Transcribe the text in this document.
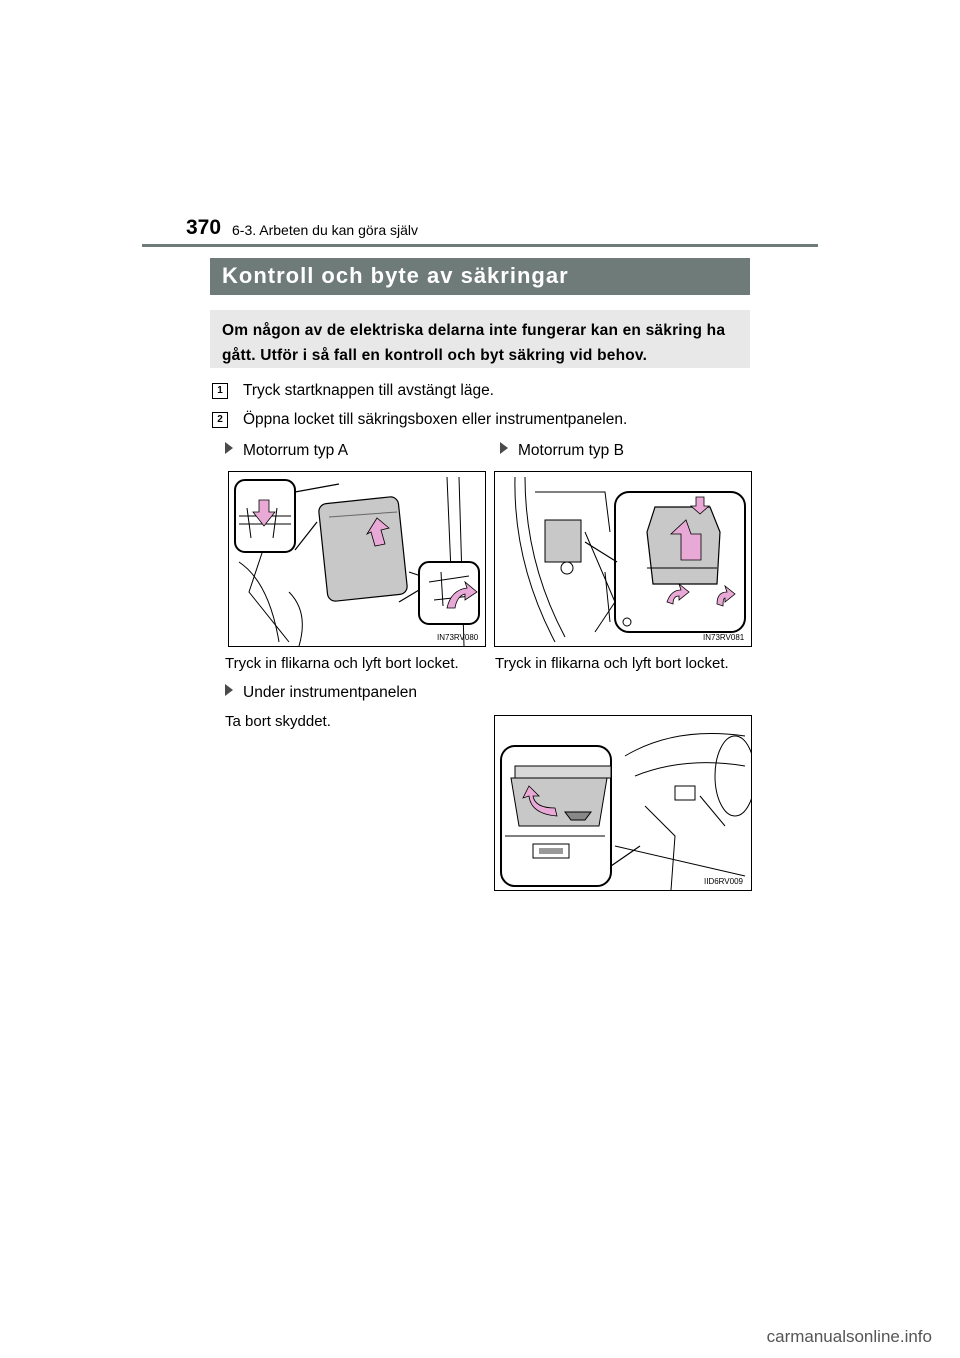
370 6-3. Arbeten du kan göra själv
Kontroll och byte av säkringar
Om någon av de elektriska delarna inte fungerar kan en säkring ha gått. Utför i så fall en kontroll och byt säkring vid behov.
1	Tryck startknappen till avstängt läge.
2	Öppna locket till säkringsboxen eller instrumentpanelen.
Motorrum typ A
IN73RV080
Tryck in flikarna och lyft bort locket.
Motorrum typ B
IN73RV081
Tryck in flikarna och lyft bort locket.
Under instrumentpanelen
Ta bort skyddet.
IID6RV009
carmanualsonline.info
